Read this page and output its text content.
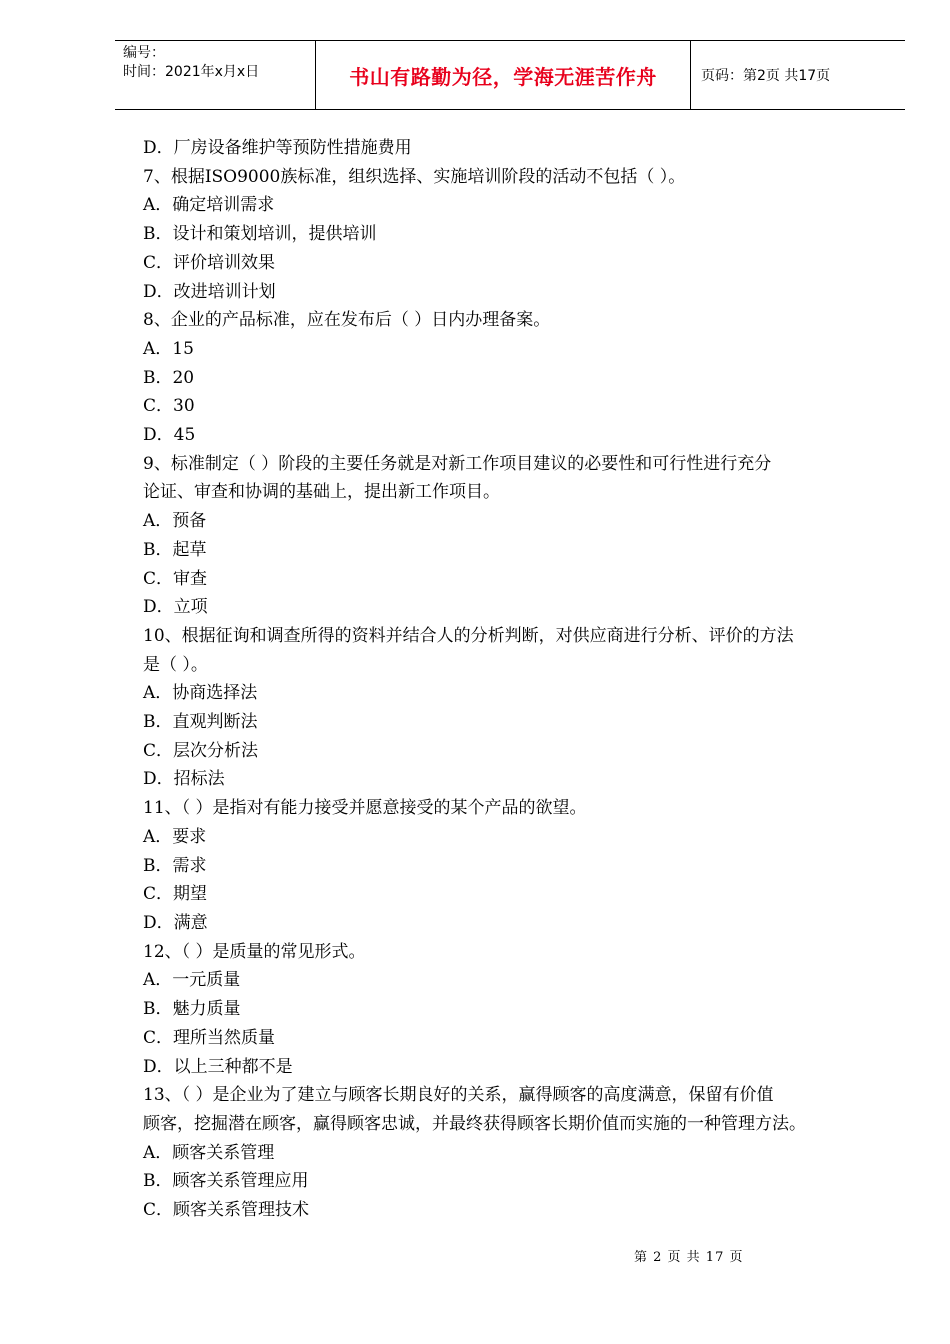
编号：
时间：2021年x月x日	书山有路勤为径，学海无涯苦作舟	页码：第2页 共17页
D．厂房设备维护等预防性措施费用
7、根据ISO9000族标准，组织选择、实施培训阶段的活动不包括（ ）。
A．确定培训需求
B．设计和策划培训，提供培训
C．评价培训效果
D．改进培训计划
8、企业的产品标准，应在发布后（ ）日内办理备案。
A．15
B．20
C．30
D．45
9、标准制定（ ）阶段的主要任务就是对新工作项目建议的必要性和可行性进行充分
论证、审查和协调的基础上，提出新工作项目。
A．预备
B．起草
C．审查
D．立项
10、根据征询和调查所得的资料并结合人的分析判断，对供应商进行分析、评价的方法
是（ ）。
A．协商选择法
B．直观判断法
C．层次分析法
D．招标法
11、（ ）是指对有能力接受并愿意接受的某个产品的欲望。
A．要求
B．需求
C．期望
D．满意
12、（ ）是质量的常见形式。
A．一元质量
B．魅力质量
C．理所当然质量
D．以上三种都不是
13、（ ）是企业为了建立与顾客长期良好的关系，赢得顾客的高度满意，保留有价值
顾客，挖掘潜在顾客，赢得顾客忠诚，并最终获得顾客长期价值而实施的一种管理方法。
A．顾客关系管理
B．顾客关系管理应用
C．顾客关系管理技术
第 2 页 共 17 页
